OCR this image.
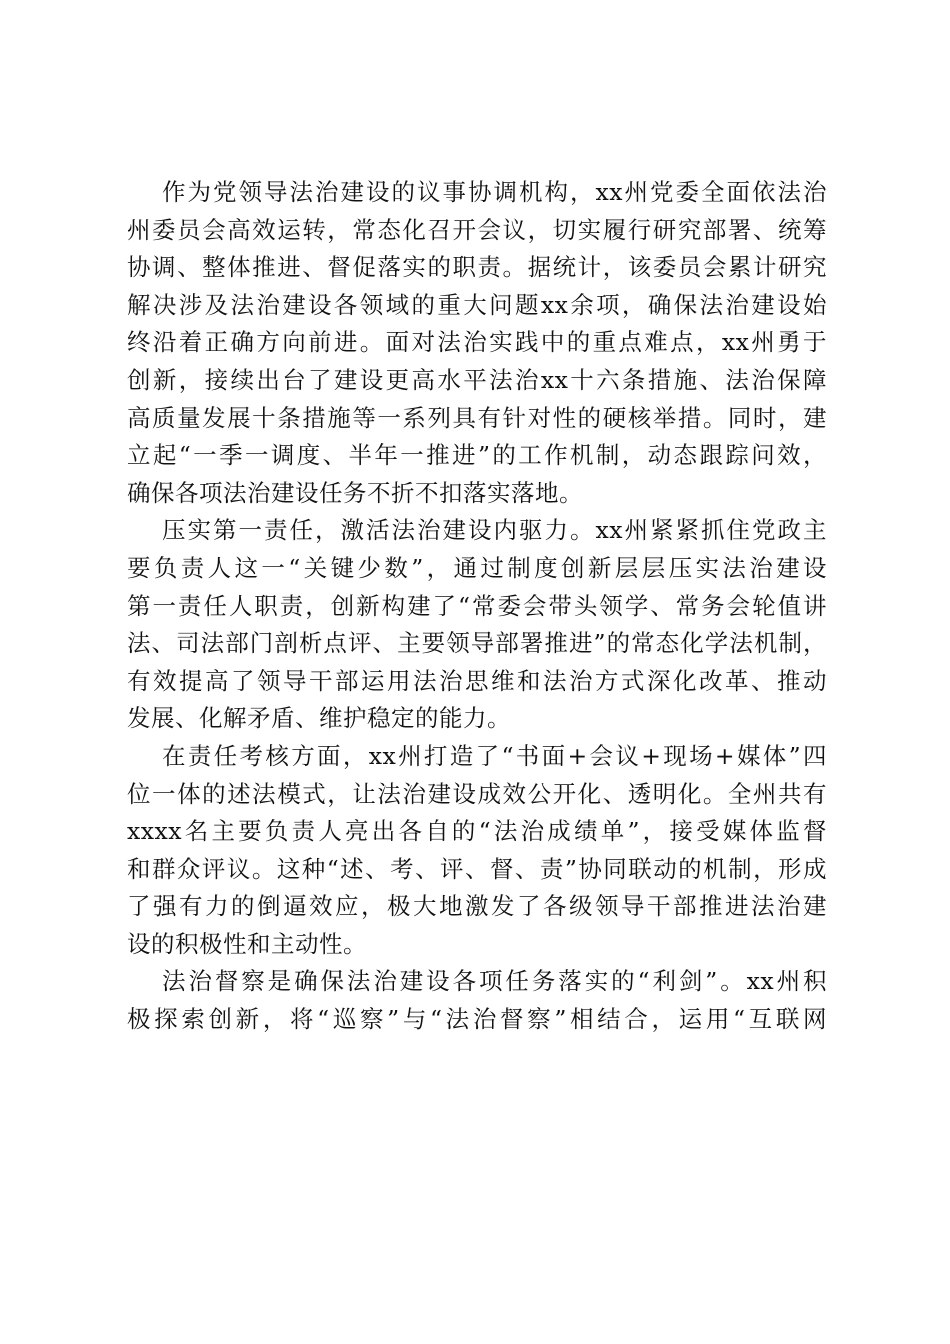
作为党领导法治建设的议事协调机构，xx州党委全面依法治
州委员会高效运转，常态化召开会议，切实履行研究部署、统筹
协调、整体推进、督促落实的职责。据统计，该委员会累计研究
解决涉及法治建设各领域的重大问题xx余项，确保法治建设始
终沿着正确方向前进。面对法治实践中的重点难点，xx州勇于
创新，接续出台了建设更高水平法治xx十六条措施、法治保障
高质量发展十条措施等一系列具有针对性的硬核举措。同时，建
立起“一季一调度、半年一推进”的工作机制，动态跟踪问效，
确保各项法治建设任务不折不扣落实落地。
压实第一责任，激活法治建设内驱力。xx州紧紧抓住党政主
要负责人这一“关键少数”，通过制度创新层层压实法治建设
第一责任人职责，创新构建了“常委会带头领学、常务会轮值讲
法、司法部门剖析点评、主要领导部署推进”的常态化学法机制，
有效提高了领导干部运用法治思维和法治方式深化改革、推动
发展、化解矛盾、维护稳定的能力。
在责任考核方面，xx州打造了“书面+会议+现场+媒体”四
位一体的述法模式，让法治建设成效公开化、透明化。全州共有
xxxx名主要负责人亮出各自的“法治成绩单”，接受媒体监督
和群众评议。这种“述、考、评、督、责”协同联动的机制，形成
了强有力的倒逼效应，极大地激发了各级领导干部推进法治建
设的积极性和主动性。
法治督察是确保法治建设各项任务落实的“利剑”。xx州积
极探索创新，将“巡察”与“法治督察”相结合，运用“互联网
